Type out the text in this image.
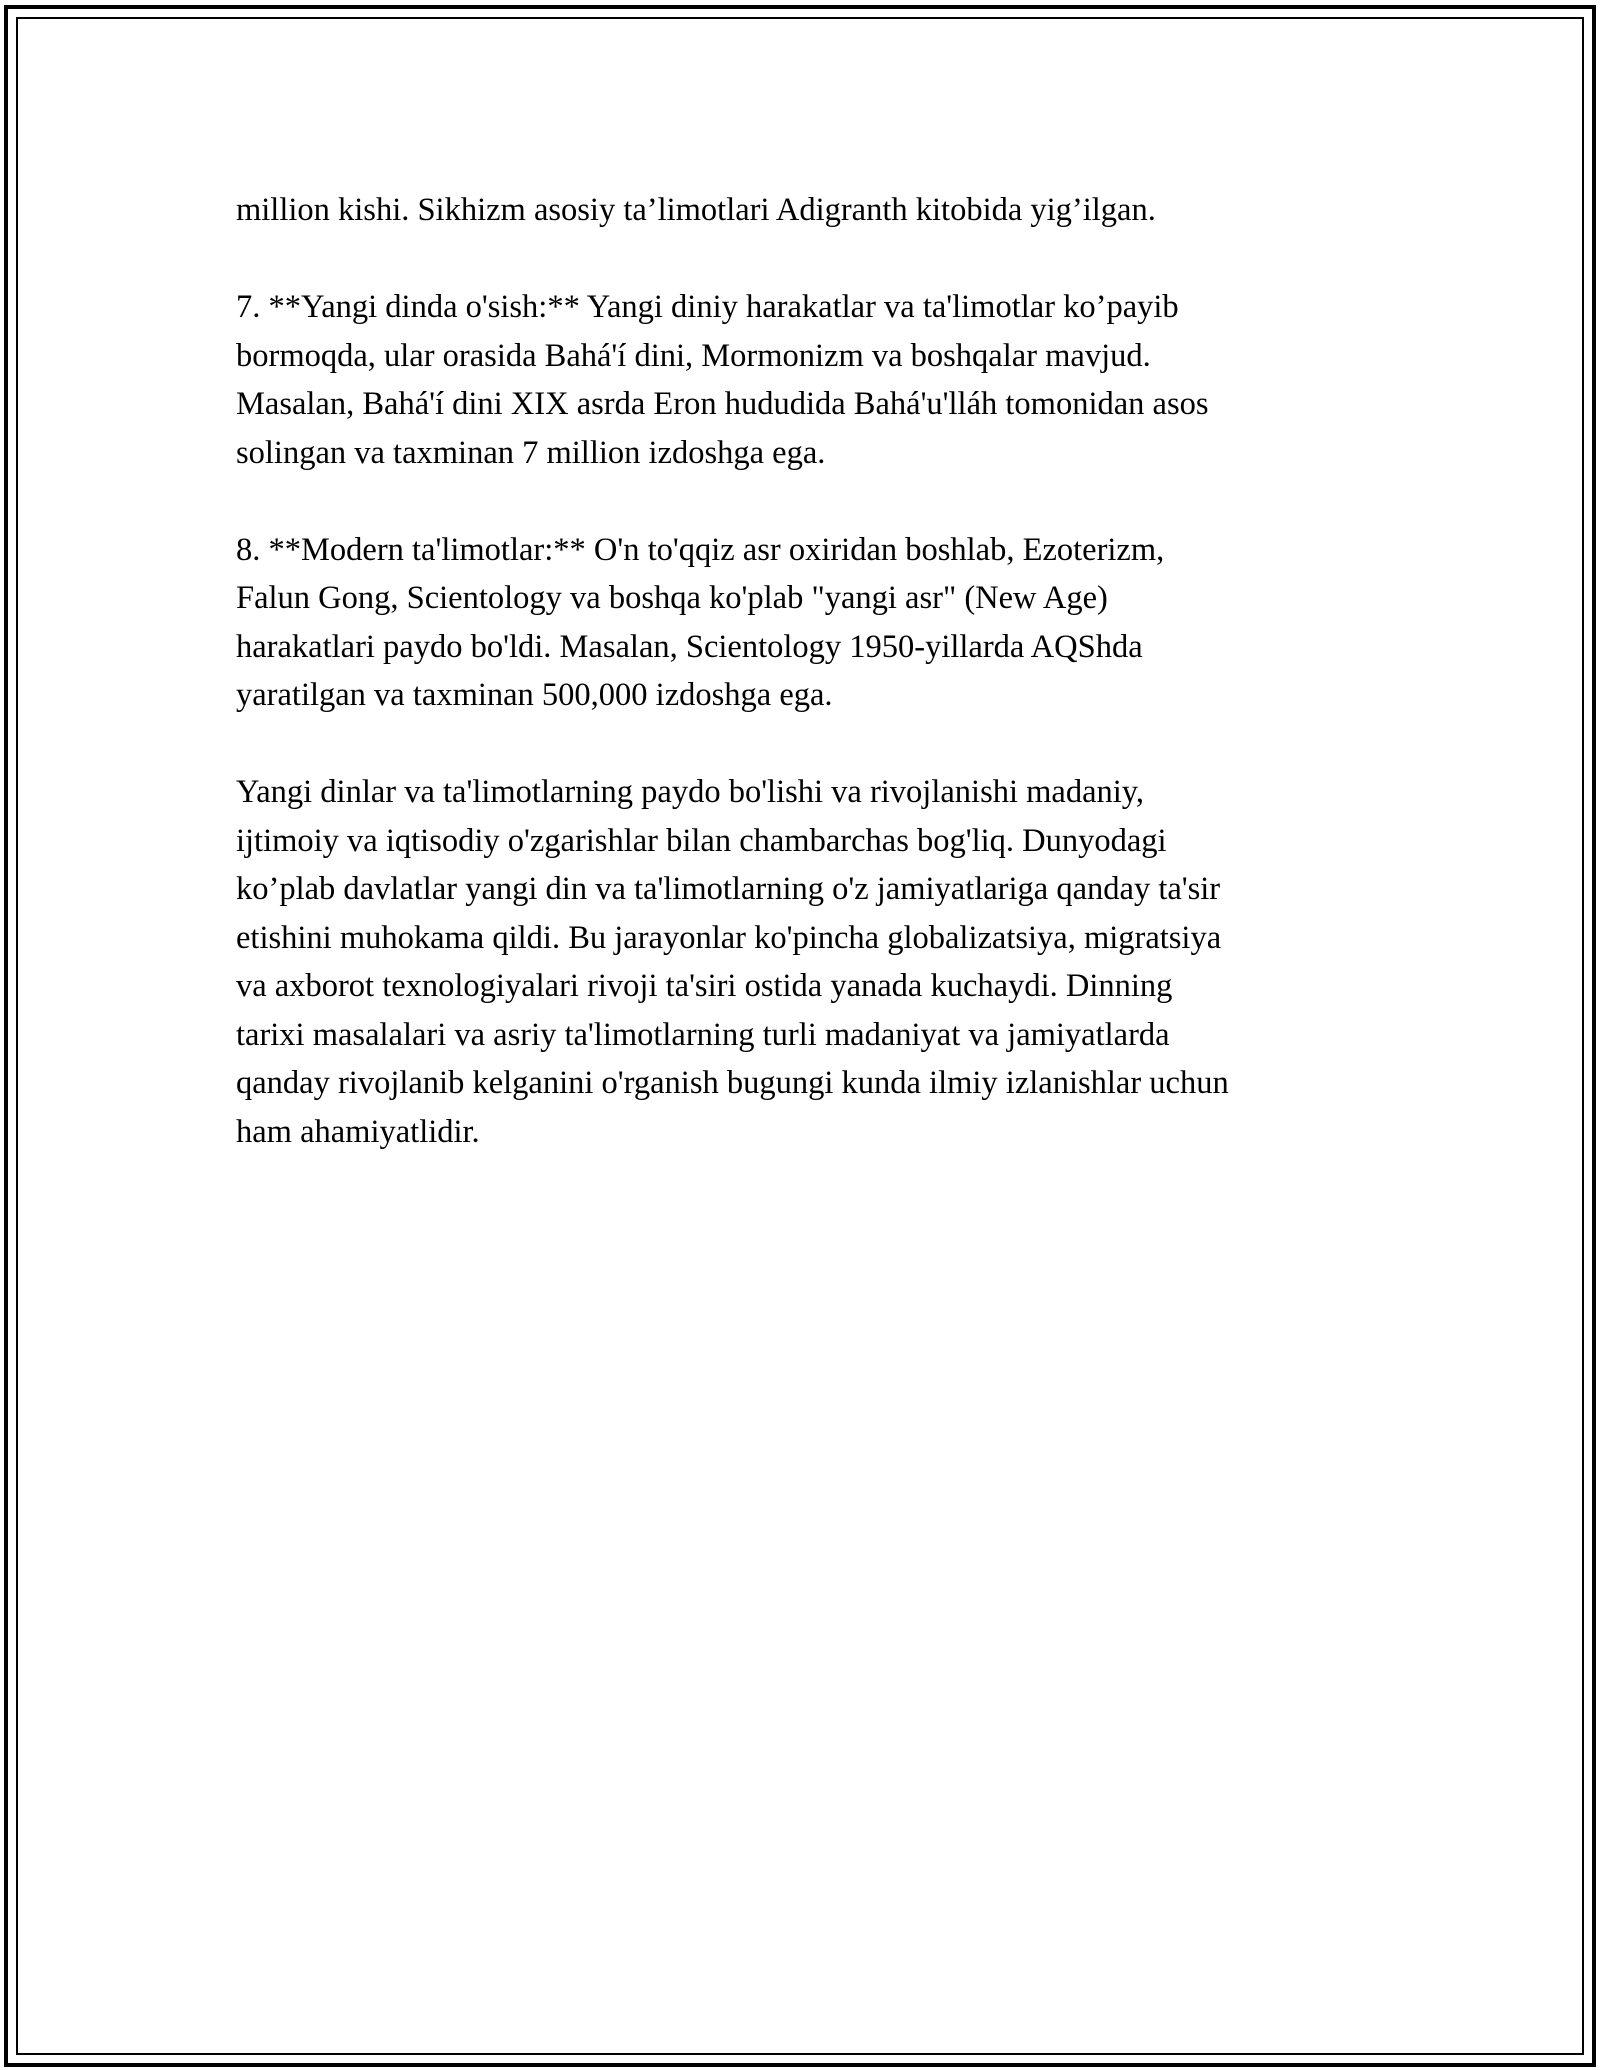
million kishi. Sikhizm asosiy ta’limotlari Adigranth kitobida yig’ilgan.

7. **Yangi dinda o'sish:** Yangi diniy harakatlar va ta'limotlar ko’payib
bormoqda, ular orasida Bahá'í dini, Mormonizm va boshqalar mavjud.
Masalan, Bahá'í dini XIX asrda Eron hududida Bahá'u'lláh tomonidan asos
solingan va taxminan 7 million izdoshga ega.

8. **Modern ta'limotlar:** O'n to'qqiz asr oxiridan boshlab, Ezoterizm,
Falun Gong, Scientology va boshqa ko'plab "yangi asr" (New Age)
harakatlari paydo bo'ldi. Masalan, Scientology 1950-yillarda AQShda
yaratilgan va taxminan 500,000 izdoshga ega.

Yangi dinlar va ta'limotlarning paydo bo'lishi va rivojlanishi madaniy,
ijtimoiy va iqtisodiy o'zgarishlar bilan chambarchas bog'liq. Dunyodagi
ko’plab davlatlar yangi din va ta'limotlarning o'z jamiyatlariga qanday ta'sir
etishini muhokama qildi. Bu jarayonlar ko'pincha globalizatsiya, migratsiya
va axborot texnologiyalari rivoji ta'siri ostida yanada kuchaydi. Dinning
tarixi masalalari va asriy ta'limotlarning turli madaniyat va jamiyatlarda
qanday rivojlanib kelganini o'rganish bugungi kunda ilmiy izlanishlar uchun
ham ahamiyatlidir.
